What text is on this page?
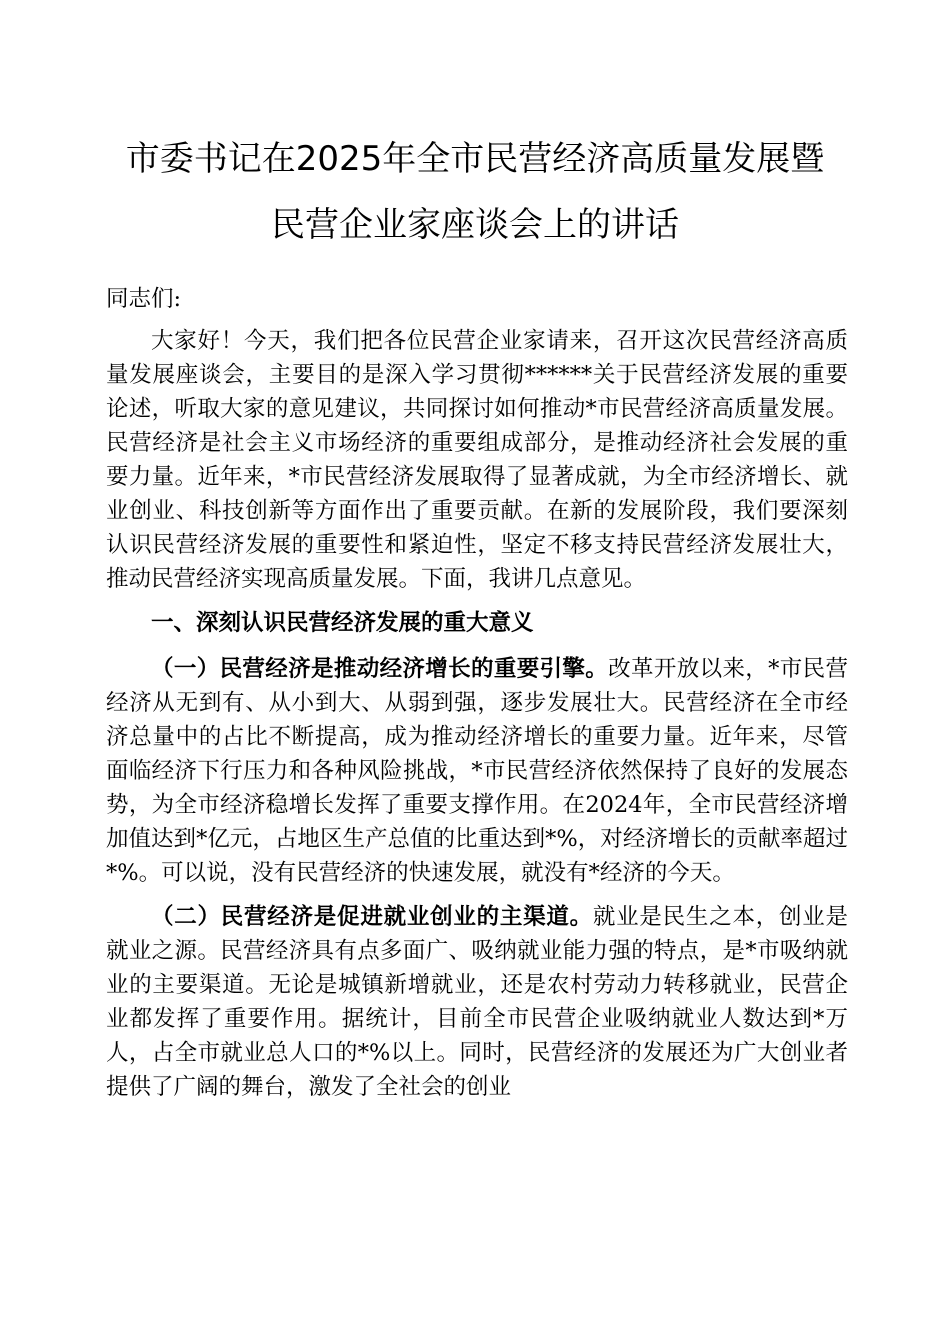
市委书记在2025年全市民营经济高质量发展暨
民营企业家座谈会上的讲话

同志们:

大家好！今天，我们把各位民营企业家请来，召开这次民营经济高质量发展座谈会，主要目的是深入学习贯彻******关于民营经济发展的重要论述，听取大家的意见建议，共同探讨如何推动*市民营经济高质量发展。民营经济是社会主义市场经济的重要组成部分，是推动经济社会发展的重要力量。近年来，*市民营经济发展取得了显著成就，为全市经济增长、就业创业、科技创新等方面作出了重要贡献。在新的发展阶段，我们要深刻认识民营经济发展的重要性和紧迫性，坚定不移支持民营经济发展壮大，推动民营经济实现高质量发展。下面，我讲几点意见。

一、深刻认识民营经济发展的重大意义

（一）民营经济是推动经济增长的重要引擎。改革开放以来，*市民营经济从无到有、从小到大、从弱到强，逐步发展壮大。民营经济在全市经济总量中的占比不断提高，成为推动经济增长的重要力量。近年来，尽管面临经济下行压力和各种风险挑战，*市民营经济依然保持了良好的发展态势，为全市经济稳增长发挥了重要支撑作用。在2024年，全市民营经济增加值达到*亿元，占地区生产总值的比重达到*%，对经济增长的贡献率超过*%。可以说，没有民营经济的快速发展，就没有*经济的今天。

（二）民营经济是促进就业创业的主渠道。就业是民生之本，创业是就业之源。民营经济具有点多面广、吸纳就业能力强的特点，是*市吸纳就业的主要渠道。无论是城镇新增就业，还是农村劳动力转移就业，民营企业都发挥了重要作用。据统计，目前全市民营企业吸纳就业人数达到*万人，占全市就业总人口的*%以上。同时，民营经济的发展还为广大创业者提供了广阔的舞台，激发了全社会的创业
